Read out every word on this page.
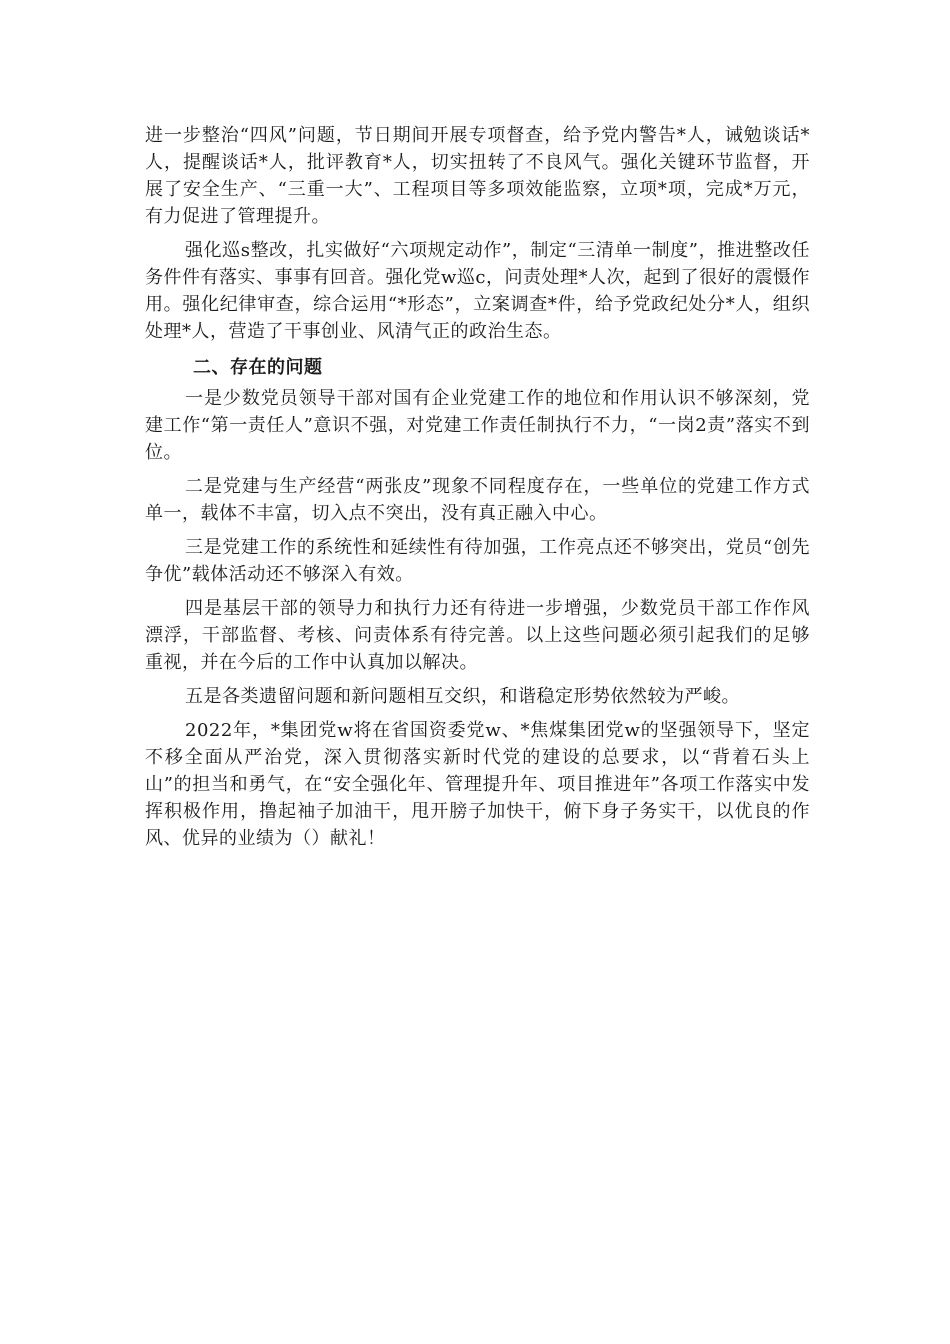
进一步整治“四风”问题，节日期间开展专项督查，给予党内警告*人，诫勉谈话*人，提醒谈话*人，批评教育*人，切实扭转了不良风气。强化关键环节监督，开展了安全生产、“三重一大”、工程项目等多项效能监察，立项*项，完成*万元，有力促进了管理提升。

强化巡s整改，扎实做好“六项规定动作”，制定“三清单一制度”，推进整改任务件件有落实、事事有回音。强化党w巡c，问责处理*人次，起到了很好的震慑作用。强化纪律审查，综合运用“*形态”，立案调查*件，给予党政纪处分*人，组织处理*人，营造了干事创业、风清气正的政治生态。

二、存在的问题

一是少数党员领导干部对国有企业党建工作的地位和作用认识不够深刻，党建工作“第一责任人”意识不强，对党建工作责任制执行不力，“一岗2责”落实不到位。

二是党建与生产经营“两张皮”现象不同程度存在，一些单位的党建工作方式单一，载体不丰富，切入点不突出，没有真正融入中心。

三是党建工作的系统性和延续性有待加强，工作亮点还不够突出，党员“创先争优”载体活动还不够深入有效。

四是基层干部的领导力和执行力还有待进一步增强，少数党员干部工作作风漂浮，干部监督、考核、问责体系有待完善。以上这些问题必须引起我们的足够重视，并在今后的工作中认真加以解决。

五是各类遗留问题和新问题相互交织，和谐稳定形势依然较为严峻。

2022年，*集团党w将在省国资委党w、*焦煤集团党w的坚强领导下，坚定不移全面从严治党，深入贯彻落实新时代党的建设的总要求，以“背着石头上山”的担当和勇气，在“安全强化年、管理提升年、项目推进年”各项工作落实中发挥积极作用，撸起袖子加油干，甩开膀子加快干，俯下身子务实干，以优良的作风、优异的业绩为（）献礼！
